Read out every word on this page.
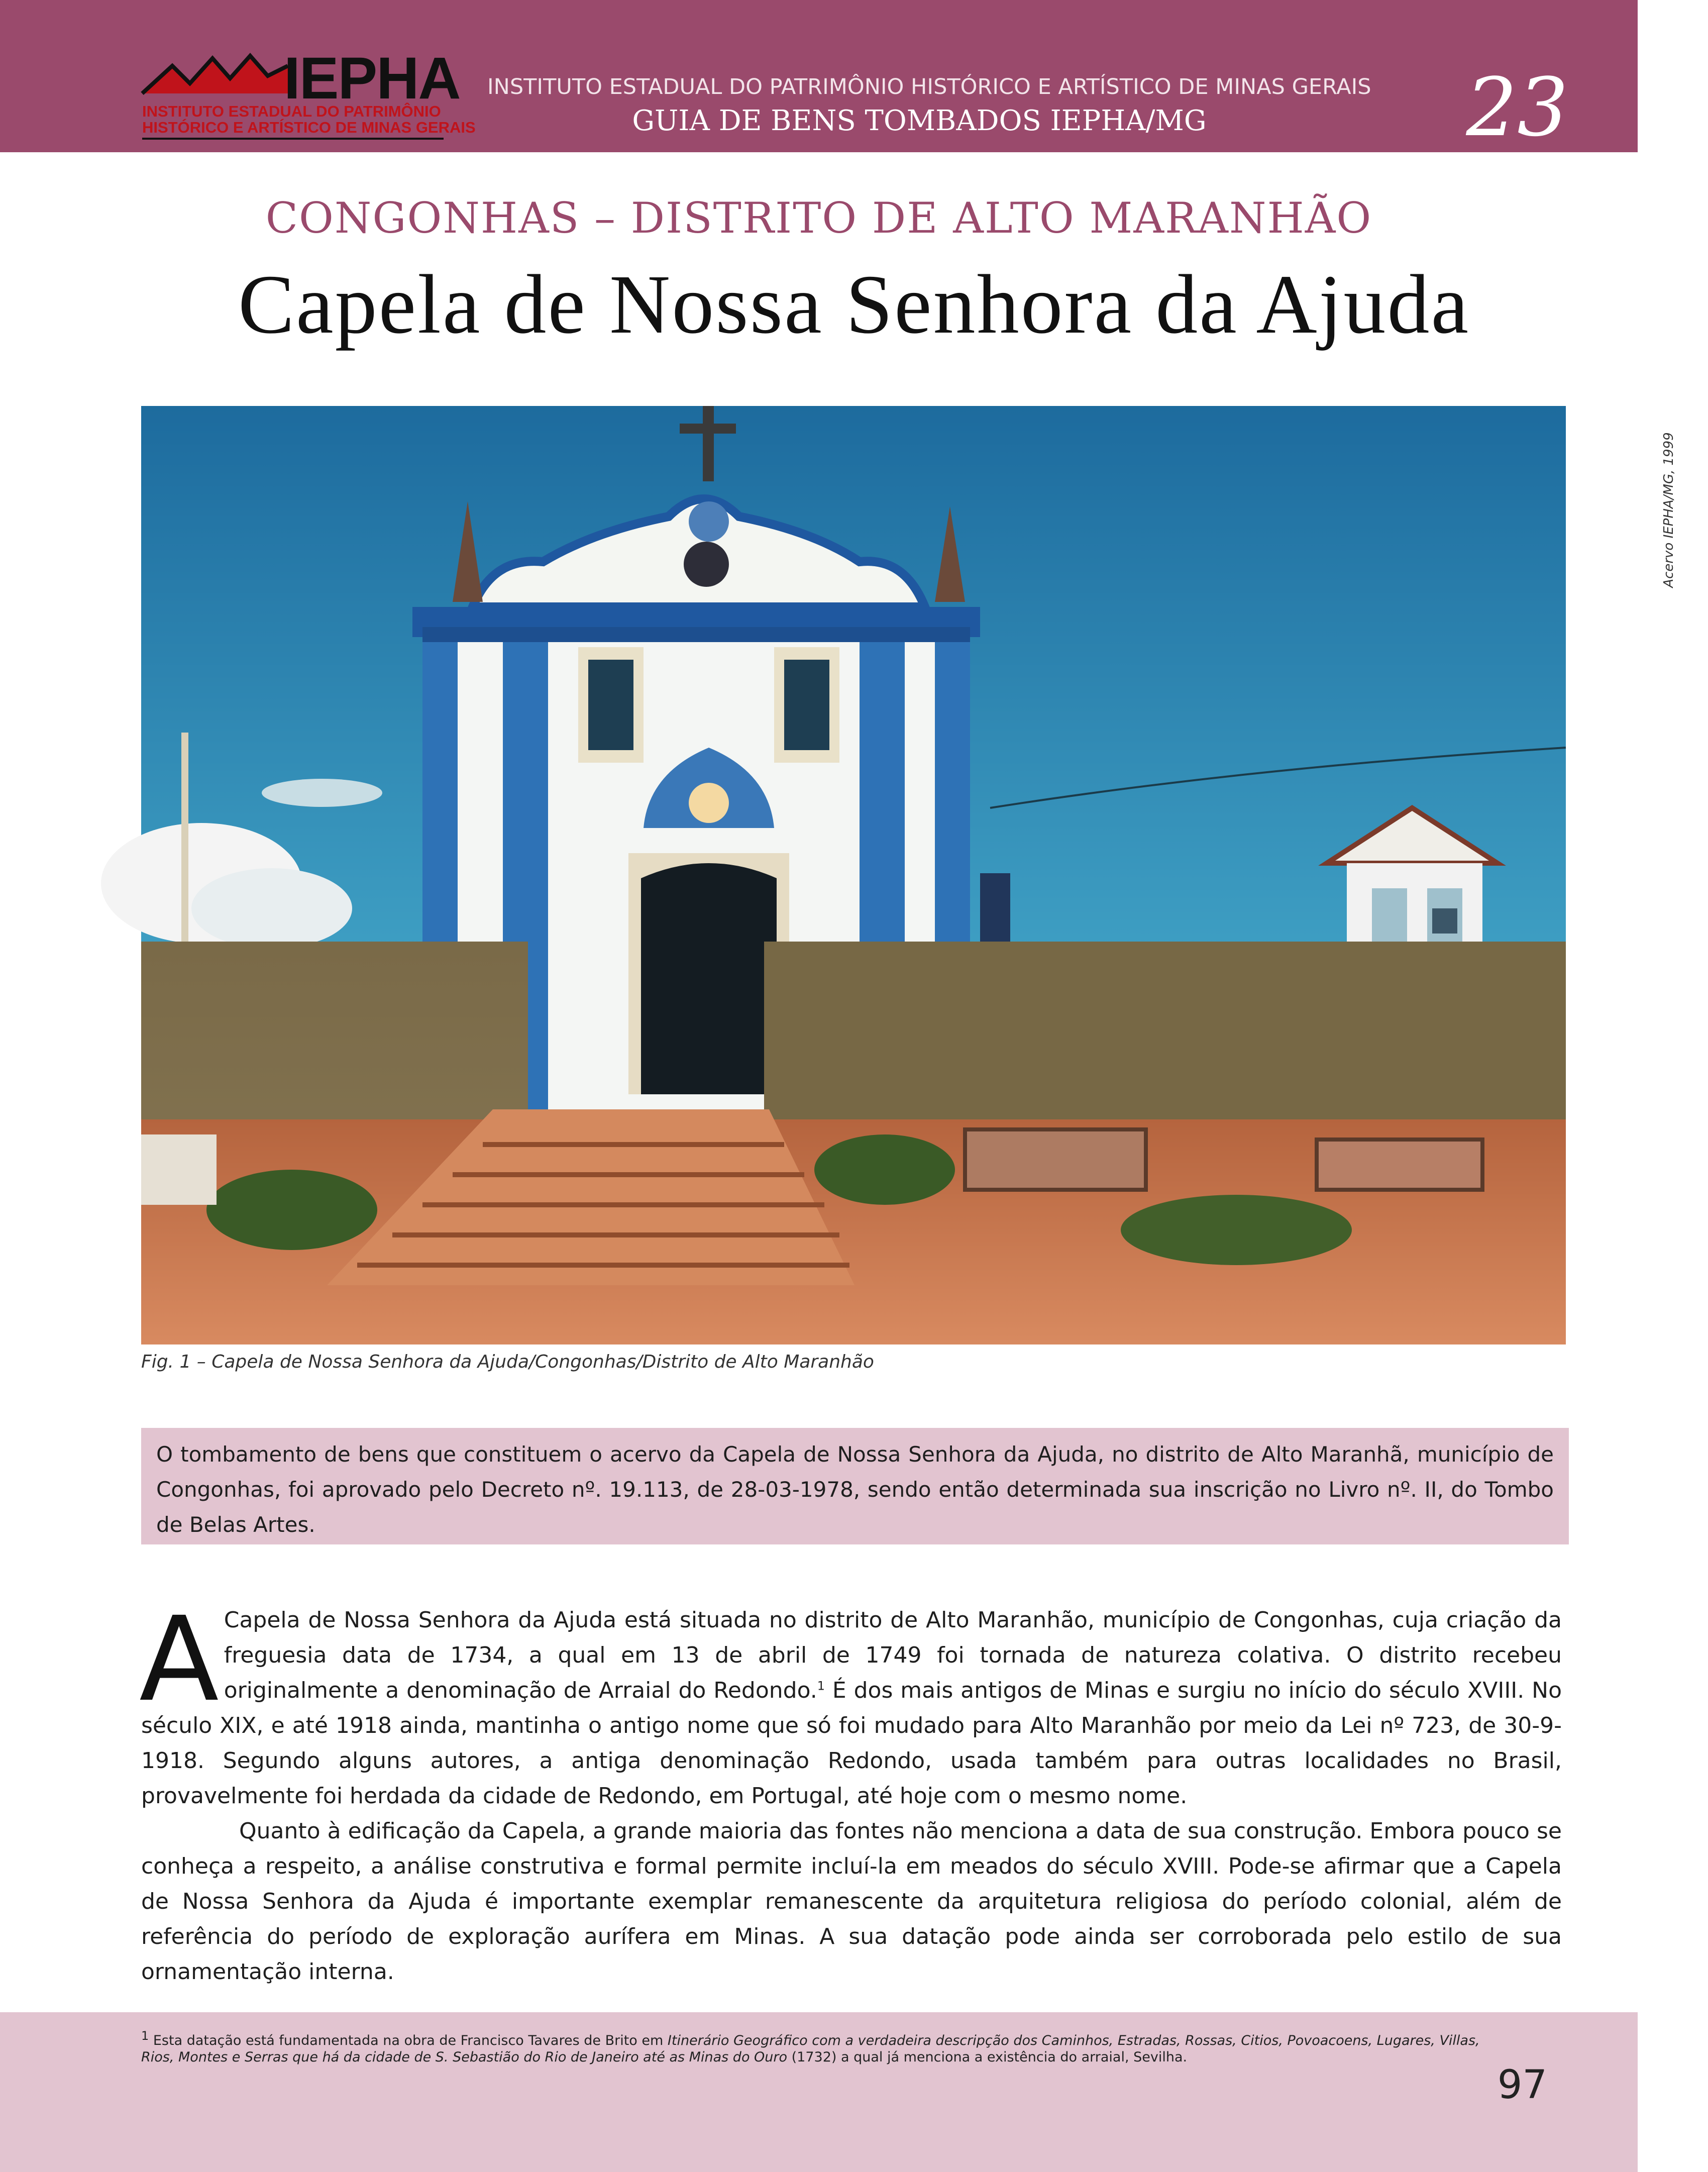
IEPHA
INSTITUTO ESTADUAL DO PATRIMÔNIO
HISTÓRICO E ARTÍSTICO DE MINAS GERAIS
INSTITUTO ESTADUAL DO PATRIMÔNIO HISTÓRICO E ARTÍSTICO DE MINAS GERAIS
GUIA DE BENS TOMBADOS IEPHA/MG	23
CONGONHAS – DISTRITO DE ALTO MARANHÃO
Capela de Nossa Senhora da Ajuda
Acervo IEPHA/MG, 1999
Fig. 1 – Capela de Nossa Senhora da Ajuda/Congonhas/Distrito de Alto Maranhão
O tombamento de bens que constituem o acervo da Capela de Nossa Senhora da Ajuda, no distrito de Alto Maranhã, município de Congonhas, foi aprovado pelo Decreto nº. 19.113, de 28-03-1978, sendo então determinada sua inscrição no Livro nº. II, do Tombo de Belas Artes.

A Capela de Nossa Senhora da Ajuda está situada no distrito de Alto Maranhão, município de Congonhas, cuja criação da freguesia data de 1734, a qual em 13 de abril de 1749 foi tornada de natureza colativa. O distrito recebeu originalmente a denominação de Arraial do Redondo.$^1$ É dos mais antigos de Minas e surgiu no início do século XVIII. No século XIX, e até 1918 ainda, mantinha o antigo nome que só foi mudado para Alto Maranhão por meio da Lei nº 723, de 30-9-1918. Segundo alguns autores, a antiga denominação Redondo, usada também para outras localidades no Brasil, provavelmente foi herdada da cidade de Redondo, em Portugal, até hoje com o mesmo nome.

Quanto à edificação da Capela, a grande maioria das fontes não menciona a data de sua construção. Embora pouco se conheça a respeito, a análise construtiva e formal permite incluí-la em meados do século XVIII. Pode-se afirmar que a Capela de Nossa Senhora da Ajuda é importante exemplar remanescente da arquitetura religiosa do período colonial, além de referência do período de exploração aurífera em Minas. A sua datação pode ainda ser corroborada pelo estilo de sua ornamentação interna.

$^1$ Esta datação está fundamentada na obra de Francisco Tavares de Brito em Itinerário Geográfico com a verdadeira descripção dos Caminhos, Estradas, Rossas, Citios, Povoacoens, Lugares, Villas, Rios, Montes e Serras que há da cidade de S. Sebastião do Rio de Janeiro até as Minas do Ouro (1732) a qual já menciona a existência do arraial, Sevilha.
97
